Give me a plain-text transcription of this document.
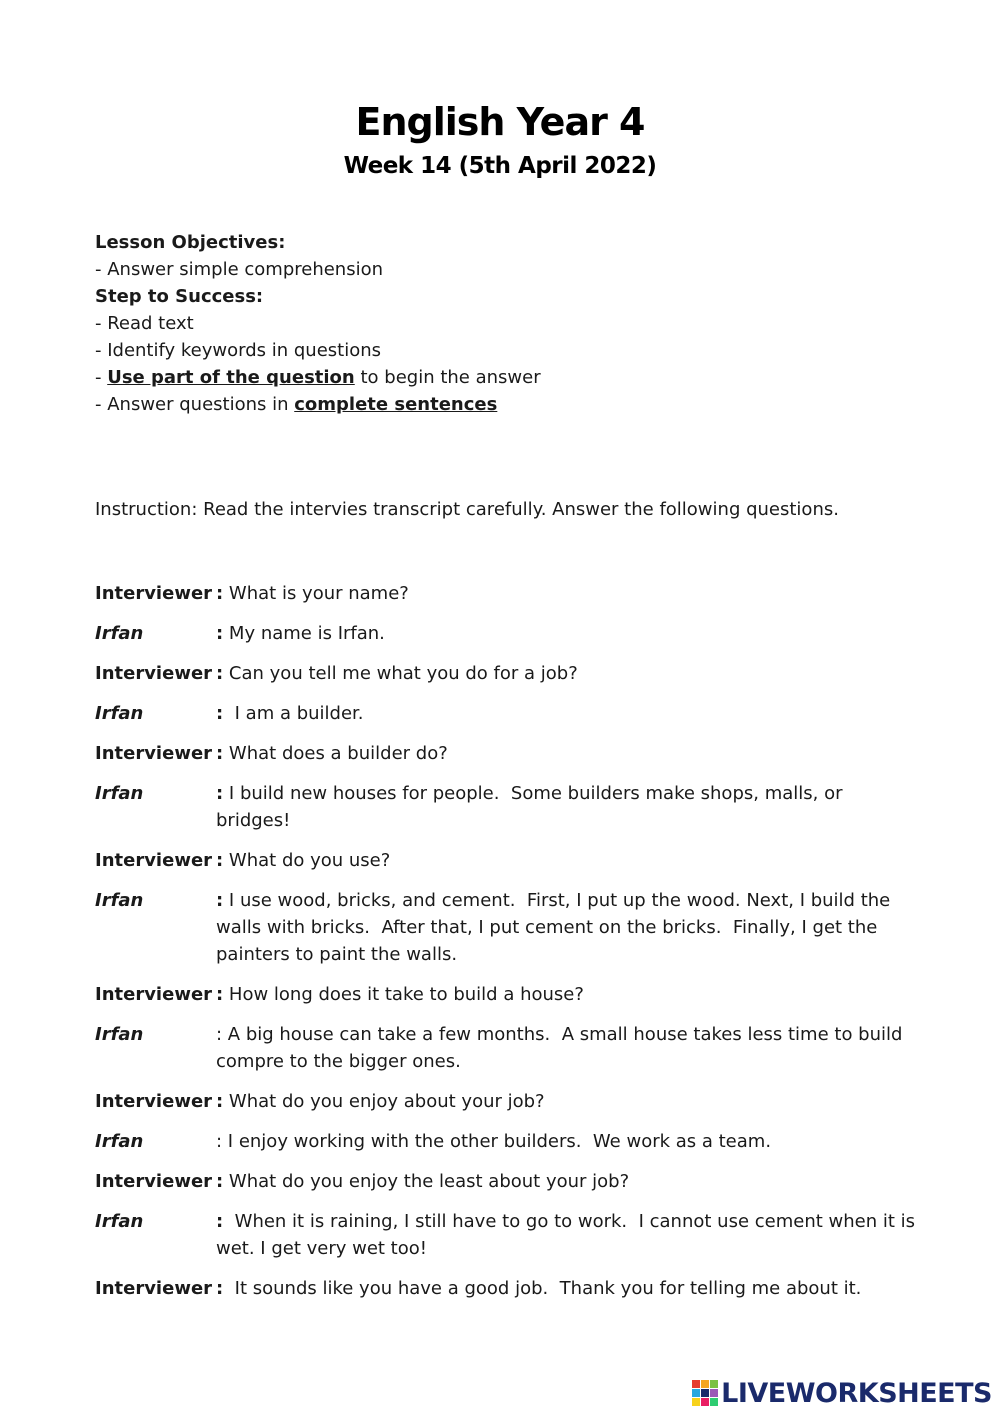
English Year 4
Week 14 (5th April 2022)
Lesson Objectives:
- Answer simple comprehension
Step to Success:
- Read text
- Identify keywords in questions
- Use part of the question to begin the answer
- Answer questions in complete sentences
Instruction: Read the intervies transcript carefully. Answer the following questions.
Interviewer : What is your name?
Irfan	: My name is Irfan.
Interviewer : Can you tell me what you do for a job?
Irfan	:  I am a builder.
Interviewer : What does a builder do?
Irfan	: I build new houses for people.  Some builders make shops, malls, or bridges!
Interviewer : What do you use?
Irfan	: I use wood, bricks, and cement.  First, I put up the wood. Next, I build the walls with bricks.  After that, I put cement on the bricks.  Finally, I get the painters to paint the walls.
Interviewer : How long does it take to build a house?
Irfan	: A big house can take a few months.  A small house takes less time to build compre to the bigger ones.
Interviewer : What do you enjoy about your job?
Irfan	: I enjoy working with the other builders.  We work as a team.
Interviewer : What do you enjoy the least about your job?
Irfan	:  When it is raining, I still have to go to work.  I cannot use cement when it is wet. I get very wet too!
Interviewer :  It sounds like you have a good job.  Thank you for telling me about it.
LIVEWORKSHEETS
